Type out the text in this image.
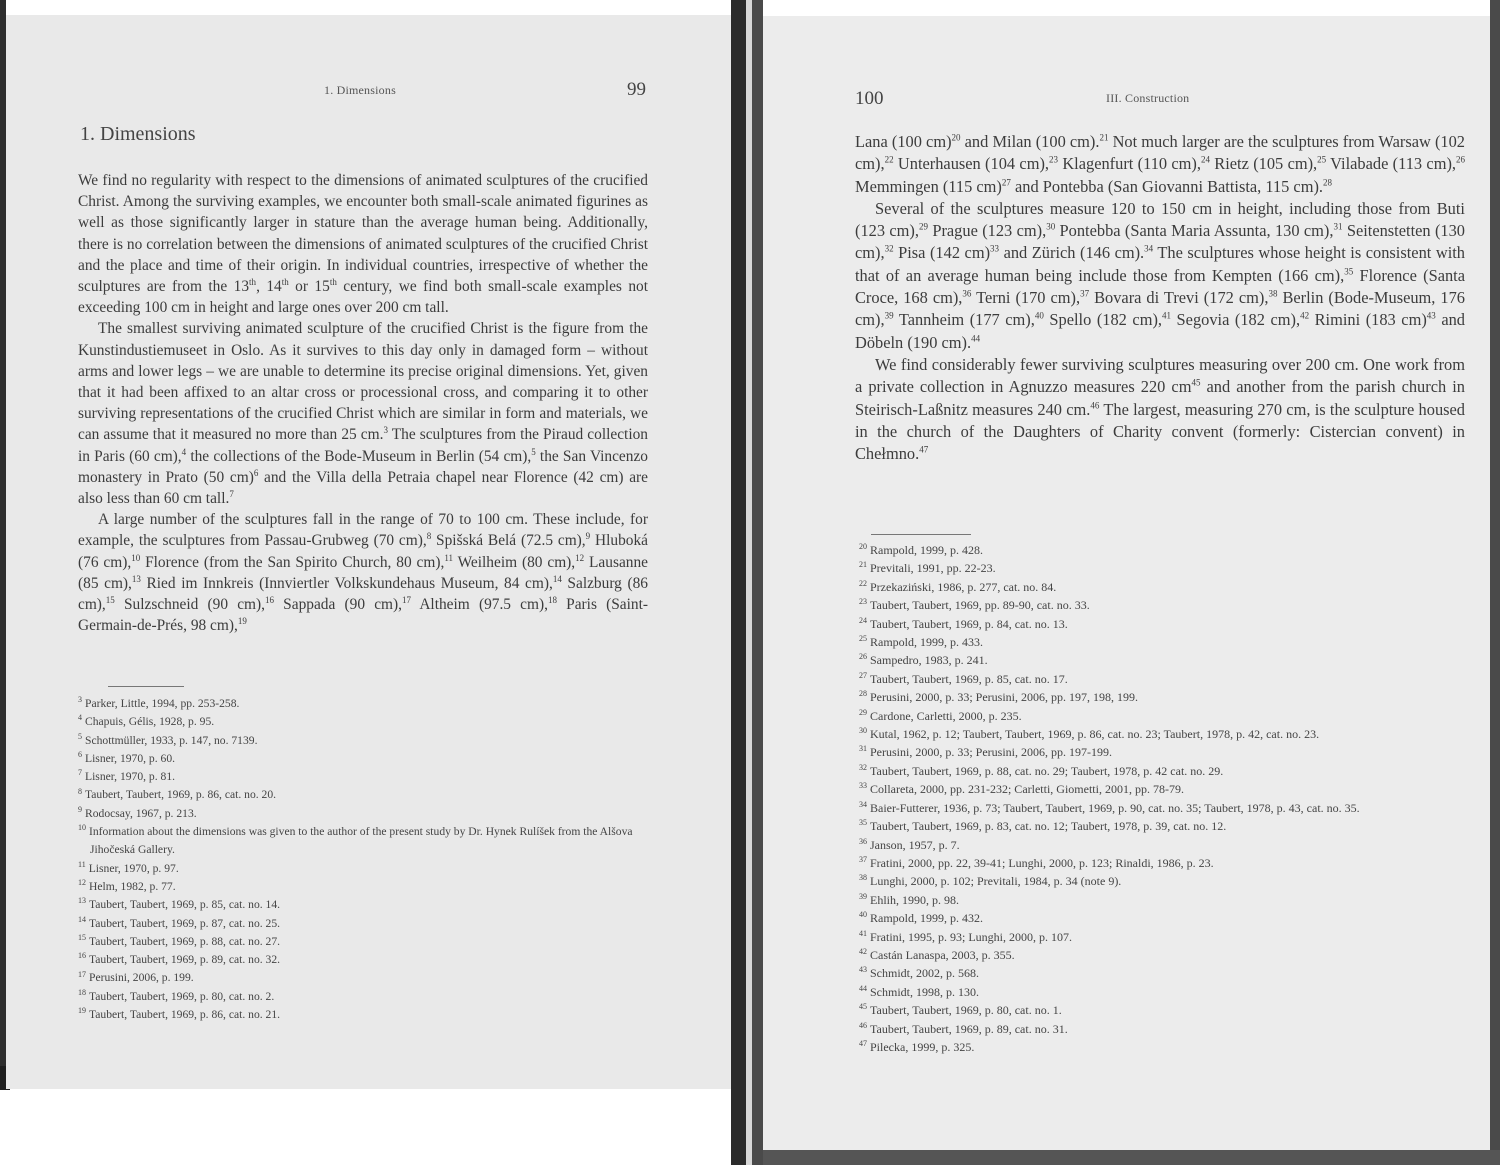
1. Dimensions	99
1. Dimensions

We find no regularity with respect to the dimensions of animated sculptures of the crucified Christ. Among the surviving examples, we encounter both small-scale animated figurines as well as those significantly larger in stature than the average human being. Additionally, there is no correlation between the dimensions of animated sculptures of the crucified Christ and the place and time of their origin. In individual countries, irrespective of whether the sculptures are from the 13th, 14th or 15th century, we find both small-scale examples not exceeding 100 cm in height and large ones over 200 cm tall.

The smallest surviving animated sculpture of the crucified Christ is the figure from the Kunstindustiemuseet in Oslo. As it survives to this day only in damaged form – without arms and lower legs – we are unable to determine its precise original dimensions. Yet, given that it had been affixed to an altar cross or processional cross, and comparing it to other surviving representations of the crucified Christ which are similar in form and materials, we can assume that it measured no more than 25 cm.$^3$ The sculptures from the Piraud collection in Paris (60 cm),$^4$ the collections of the Bode-Museum in Berlin (54 cm),$^5$ the San Vincenzo monastery in Prato (50 cm)$^6$ and the Villa della Petraia chapel near Florence (42 cm) are also less than 60 cm tall.$^7$

A large number of the sculptures fall in the range of 70 to 100 cm. These include, for example, the sculptures from Passau-Grubweg (70 cm),$^8$ Spišská Belá (72.5 cm),$^9$ Hluboká (76 cm),$^{10}$ Florence (from the San Spirito Church, 80 cm),$^{11}$ Weilheim (80 cm),$^{12}$ Lausanne (85 cm),$^{13}$ Ried im Innkreis (Innviertler Volkskundehaus Museum, 84 cm),$^{14}$ Salzburg (86 cm),$^{15}$ Sulzschneid (90 cm),$^{16}$ Sappada (90 cm),$^{17}$ Altheim (97.5 cm),$^{18}$ Paris (Saint-Germain-de-Prés, 98 cm),$^{19}$

$^3$ Parker, Little, 1994, pp. 253-258.

$^4$ Chapuis, Gélis, 1928, p. 95.

$^5$ Schottmüller, 1933, p. 147, no. 7139.

$^6$ Lisner, 1970, p. 60.

$^7$ Lisner, 1970, p. 81.

$^8$ Taubert, Taubert, 1969, p. 86, cat. no. 20.

$^9$ Rodocsay, 1967, p. 213.

$^{10}$ Information about the dimensions was given to the author of the present study by Dr. Hynek Rulíšek from the Alšova Jihočeská Gallery.

$^{11}$ Lisner, 1970, p. 97.

$^{12}$ Helm, 1982, p. 77.

$^{13}$ Taubert, Taubert, 1969, p. 85, cat. no. 14.

$^{14}$ Taubert, Taubert, 1969, p. 87, cat. no. 25.

$^{15}$ Taubert, Taubert, 1969, p. 88, cat. no. 27.

$^{16}$ Taubert, Taubert, 1969, p. 89, cat. no. 32.

$^{17}$ Perusini, 2006, p. 199.

$^{18}$ Taubert, Taubert, 1969, p. 80, cat. no. 2.

$^{19}$ Taubert, Taubert, 1969, p. 86, cat. no. 21.

100	III. Construction

Lana (100 cm)$^{20}$ and Milan (100 cm).$^{21}$ Not much larger are the sculptures from Warsaw (102 cm),$^{22}$ Unterhausen (104 cm),$^{23}$ Klagenfurt (110 cm),$^{24}$ Rietz (105 cm),$^{25}$ Vilabade (113 cm),$^{26}$ Memmingen (115 cm)$^{27}$ and Pontebba (San Giovanni Battista, 115 cm).$^{28}$

Several of the sculptures measure 120 to 150 cm in height, including those from Buti (123 cm),$^{29}$ Prague (123 cm),$^{30}$ Pontebba (Santa Maria Assunta, 130 cm),$^{31}$ Seitenstetten (130 cm),$^{32}$ Pisa (142 cm)$^{33}$ and Zürich (146 cm).$^{34}$ The sculptures whose height is consistent with that of an average human being include those from Kempten (166 cm),$^{35}$ Florence (Santa Croce, 168 cm),$^{36}$ Terni (170 cm),$^{37}$ Bovara di Trevi (172 cm),$^{38}$ Berlin (Bode-Museum, 176 cm),$^{39}$ Tannheim (177 cm),$^{40}$ Spello (182 cm),$^{41}$ Segovia (182 cm),$^{42}$ Rimini (183 cm)$^{43}$ and Döbeln (190 cm).$^{44}$

We find considerably fewer surviving sculptures measuring over 200 cm. One work from a private collection in Agnuzzo measures 220 $cm^{45}$ and another from the parish church in Steirisch-Laßnitz measures 240 cm.$^{46}$ The largest, measuring 270 cm, is the sculpture housed in the church of the Daughters of Charity convent (formerly: Cistercian convent) in Chełmno.$^{47}$

$^{20}$ Rampold, 1999, p. 428.

$^{21}$ Previtali, 1991, pp. 22-23.

$^{22}$ Przekaziński, 1986, p. 277, cat. no. 84.

$^{23}$ Taubert, Taubert, 1969, pp. 89-90, cat. no. 33.

$^{24}$ Taubert, Taubert, 1969, p. 84, cat. no. 13.

$^{25}$ Rampold, 1999, p. 433.

$^{26}$ Sampedro, 1983, p. 241.

$^{27}$ Taubert, Taubert, 1969, p. 85, cat. no. 17.

$^{28}$ Perusini, 2000, p. 33; Perusini, 2006, pp. 197, 198, 199.

$^{29}$ Cardone, Carletti, 2000, p. 235.

$^{30}$ Kutal, 1962, p. 12; Taubert, Taubert, 1969, p. 86, cat. no. 23; Taubert, 1978, p. 42, cat. no. 23.

$^{31}$ Perusini, 2000, p. 33; Perusini, 2006, pp. 197-199.

$^{32}$ Taubert, Taubert, 1969, p. 88, cat. no. 29; Taubert, 1978, p. 42 cat. no. 29.

$^{33}$ Collareta, 2000, pp. 231-232; Carletti, Giometti, 2001, pp. 78-79.

$^{34}$ Baier-Futterer, 1936, p. 73; Taubert, Taubert, 1969, p. 90, cat. no. 35; Taubert, 1978, p. 43, cat. no. 35.

$^{35}$ Taubert, Taubert, 1969, p. 83, cat. no. 12; Taubert, 1978, p. 39, cat. no. 12.

$^{36}$ Janson, 1957, p. 7.

$^{37}$ Fratini, 2000, pp. 22, 39-41; Lunghi, 2000, p. 123; Rinaldi, 1986, p. 23.

$^{38}$ Lunghi, 2000, p. 102; Previtali, 1984, p. 34 (note 9).

$^{39}$ Ehlih, 1990, p. 98.

$^{40}$ Rampold, 1999, p. 432.

$^{41}$ Fratini, 1995, p. 93; Lunghi, 2000, p. 107.

$^{42}$ Castán Lanaspa, 2003, p. 355.

$^{43}$ Schmidt, 2002, p. 568.

$^{44}$ Schmidt, 1998, p. 130.

$^{45}$ Taubert, Taubert, 1969, p. 80, cat. no. 1.

$^{46}$ Taubert, Taubert, 1969, p. 89, cat. no. 31.

$^{47}$ Pilecka, 1999, p. 325.
